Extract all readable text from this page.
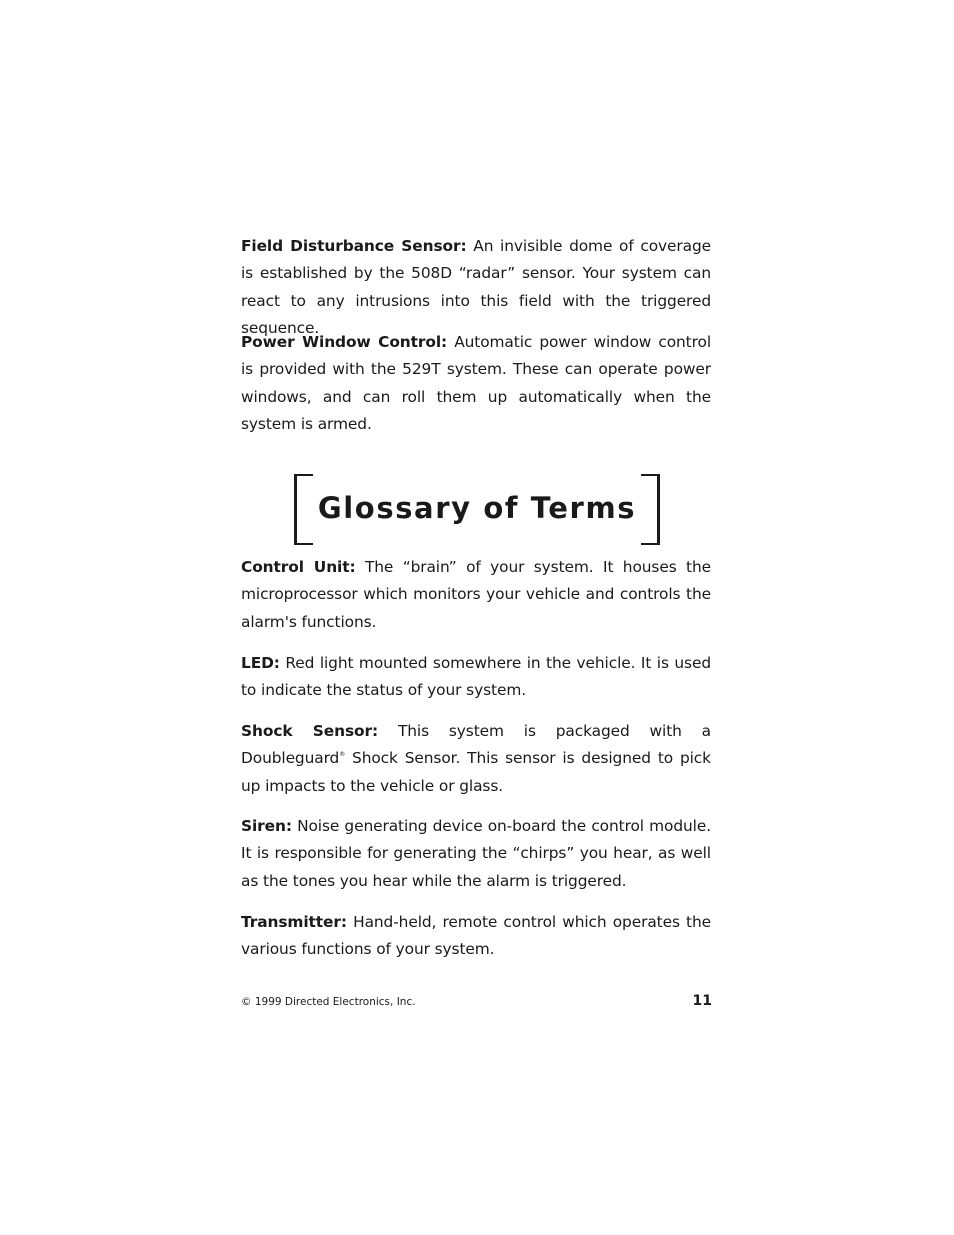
Field Disturbance Sensor: An invisible dome of coverage is established by the 508D “radar” sensor. Your system can react to any intrusions into this field with the triggered sequence.

Power Window Control: Automatic power window control is provided with the 529T system. These can operate power windows, and can roll them up automatically when the system is armed.

Glossary of Terms

Control Unit: The “brain” of your system. It houses the microprocessor which monitors your vehicle and controls the alarm's functions.

LED: Red light mounted somewhere in the vehicle. It is used to indicate the status of your system.

Shock Sensor: This system is packaged with a Doubleguard® Shock Sensor. This sensor is designed to pick up impacts to the vehicle or glass.

Siren: Noise generating device on-board the control module. It is responsible for generating the “chirps” you hear, as well as the tones you hear while the alarm is triggered.

Transmitter: Hand-held, remote control which operates the various functions of your system.

© 1999 Directed Electronics, Inc.	11
